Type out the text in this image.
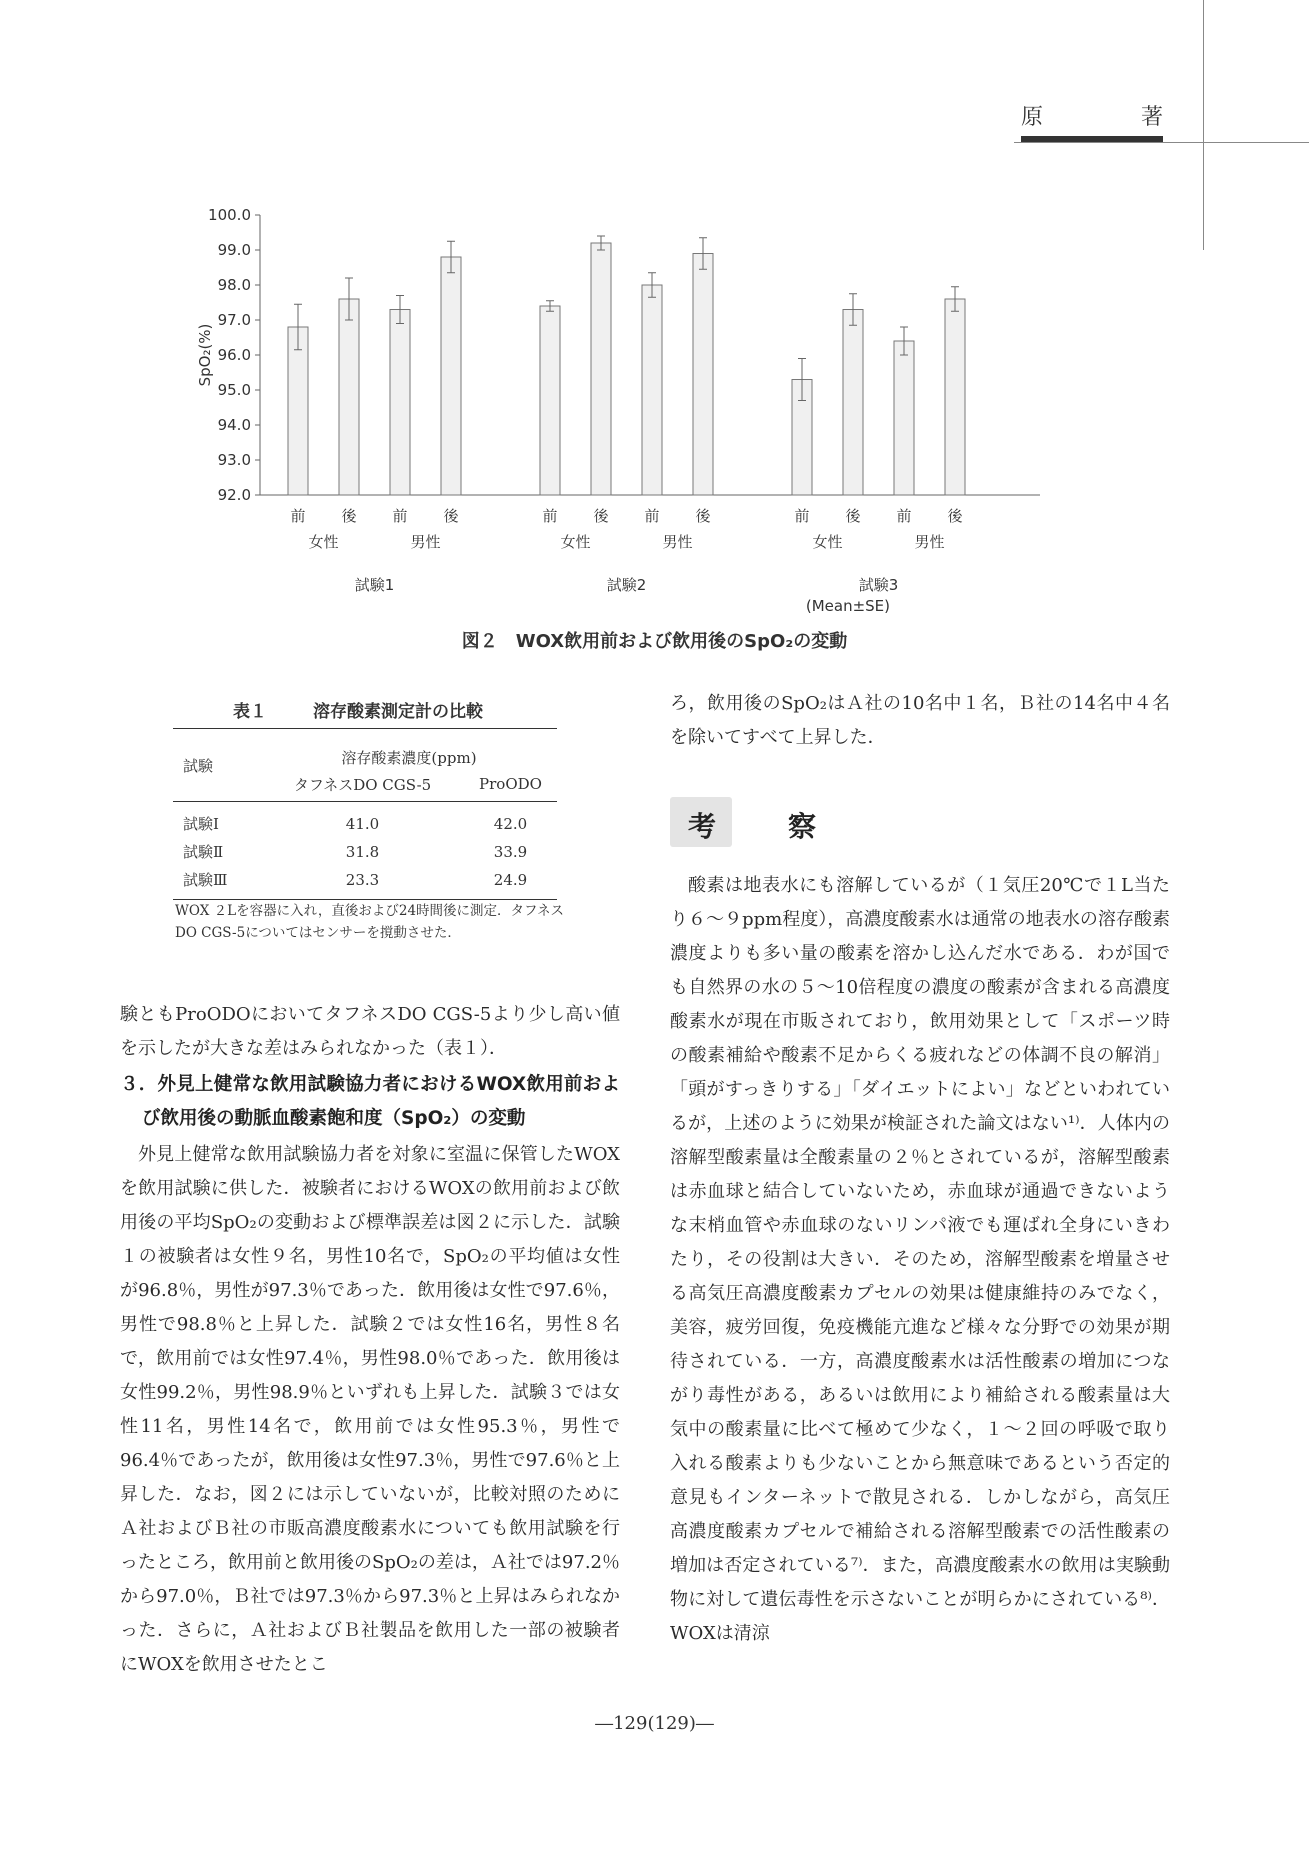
原	著
100.0
99.0
98.0
97.0
96.0
95.0
94.0
93.0
92.0
SpO₂(%)
前 後
女性
前 後
男性
試験1
前 後
女性
前 後
男性
試験2
前 後
女性
前 後
男性
試験3
(Mean±SE)
図２ WOX飲用前および飲用後のSpO₂の変動
表１	溶存酸素測定計の比較

試験	溶存酸素濃度(ppm)	
	タフネスDO CGS-5	ProODO

試験Ⅰ	41.0	42.0
試験Ⅱ	31.8	33.9
試験Ⅲ	23.3	24.9

WOX ２Lを容器に入れ，直後および24時間後に測定．タフネスDO CGS-5についてはセンサーを撹動させた．

験ともProODOにおいてタフネスDO CGS-5より少し高い値を示したが大きな差はみられなかった（表１）．

３．外見上健常な飲用試験協力者におけるWOX飲用前および飲用後の動脈血酸素飽和度（SpO₂）の変動

外見上健常な飲用試験協力者を対象に室温に保管したWOXを飲用試験に供した．被験者におけるWOXの飲用前および飲用後の平均SpO₂の変動および標準誤差は図２に示した．試験１の被験者は女性９名，男性10名で，SpO₂の平均値は女性が96.8％，男性が97.3％であった．飲用後は女性で97.6％，男性で98.8％と上昇した．試験２では女性16名，男性８名で，飲用前では女性97.4％，男性98.0％であった．飲用後は女性99.2％，男性98.9％といずれも上昇した．試験３では女性11名，男性14名で，飲用前では女性95.3％，男性で96.4％であったが，飲用後は女性97.3％，男性で97.6％と上昇した．なお，図２には示していないが，比較対照のためにＡ社およびＢ社の市販高濃度酸素水についても飲用試験を行ったところ，飲用前と飲用後のSpO₂の差は，Ａ社では97.2％から97.0％，Ｂ社では97.3％から97.3％と上昇はみられなかった．さらに，Ａ社およびＢ社製品を飲用した一部の被験者にWOXを飲用させたとこ

ろ，飲用後のSpO₂はＡ社の10名中１名，Ｂ社の14名中４名を除いてすべて上昇した．

考	察

酸素は地表水にも溶解しているが（１気圧20℃で１L当たり６～９ppm程度），高濃度酸素水は通常の地表水の溶存酸素濃度よりも多い量の酸素を溶かし込んだ水である．わが国でも自然界の水の５～10倍程度の濃度の酸素が含まれる高濃度酸素水が現在市販されており，飲用効果として「スポーツ時の酸素補給や酸素不足からくる疲れなどの体調不良の解消」「頭がすっきりする」「ダイエットによい」などといわれているが，上述のように効果が検証された論文はない¹⁾．人体内の溶解型酸素量は全酸素量の２％とされているが，溶解型酸素は赤血球と結合していないため，赤血球が通過できないような末梢血管や赤血球のないリンパ液でも運ばれ全身にいきわたり，その役割は大きい．そのため，溶解型酸素を増量させる高気圧高濃度酸素カプセルの効果は健康維持のみでなく，美容，疲労回復，免疫機能亢進など様々な分野での効果が期待されている．一方，高濃度酸素水は活性酸素の増加につながり毒性がある，あるいは飲用により補給される酸素量は大気中の酸素量に比べて極めて少なく，１～２回の呼吸で取り入れる酸素よりも少ないことから無意味であるという否定的意見もインターネットで散見される．しかしながら，高気圧高濃度酸素カプセルで補給される溶解型酸素での活性酸素の増加は否定されている⁷⁾．また，高濃度酸素水の飲用は実験動物に対して遺伝毒性を示さないことが明らかにされている⁸⁾．WOXは清涼

―129(129)―
